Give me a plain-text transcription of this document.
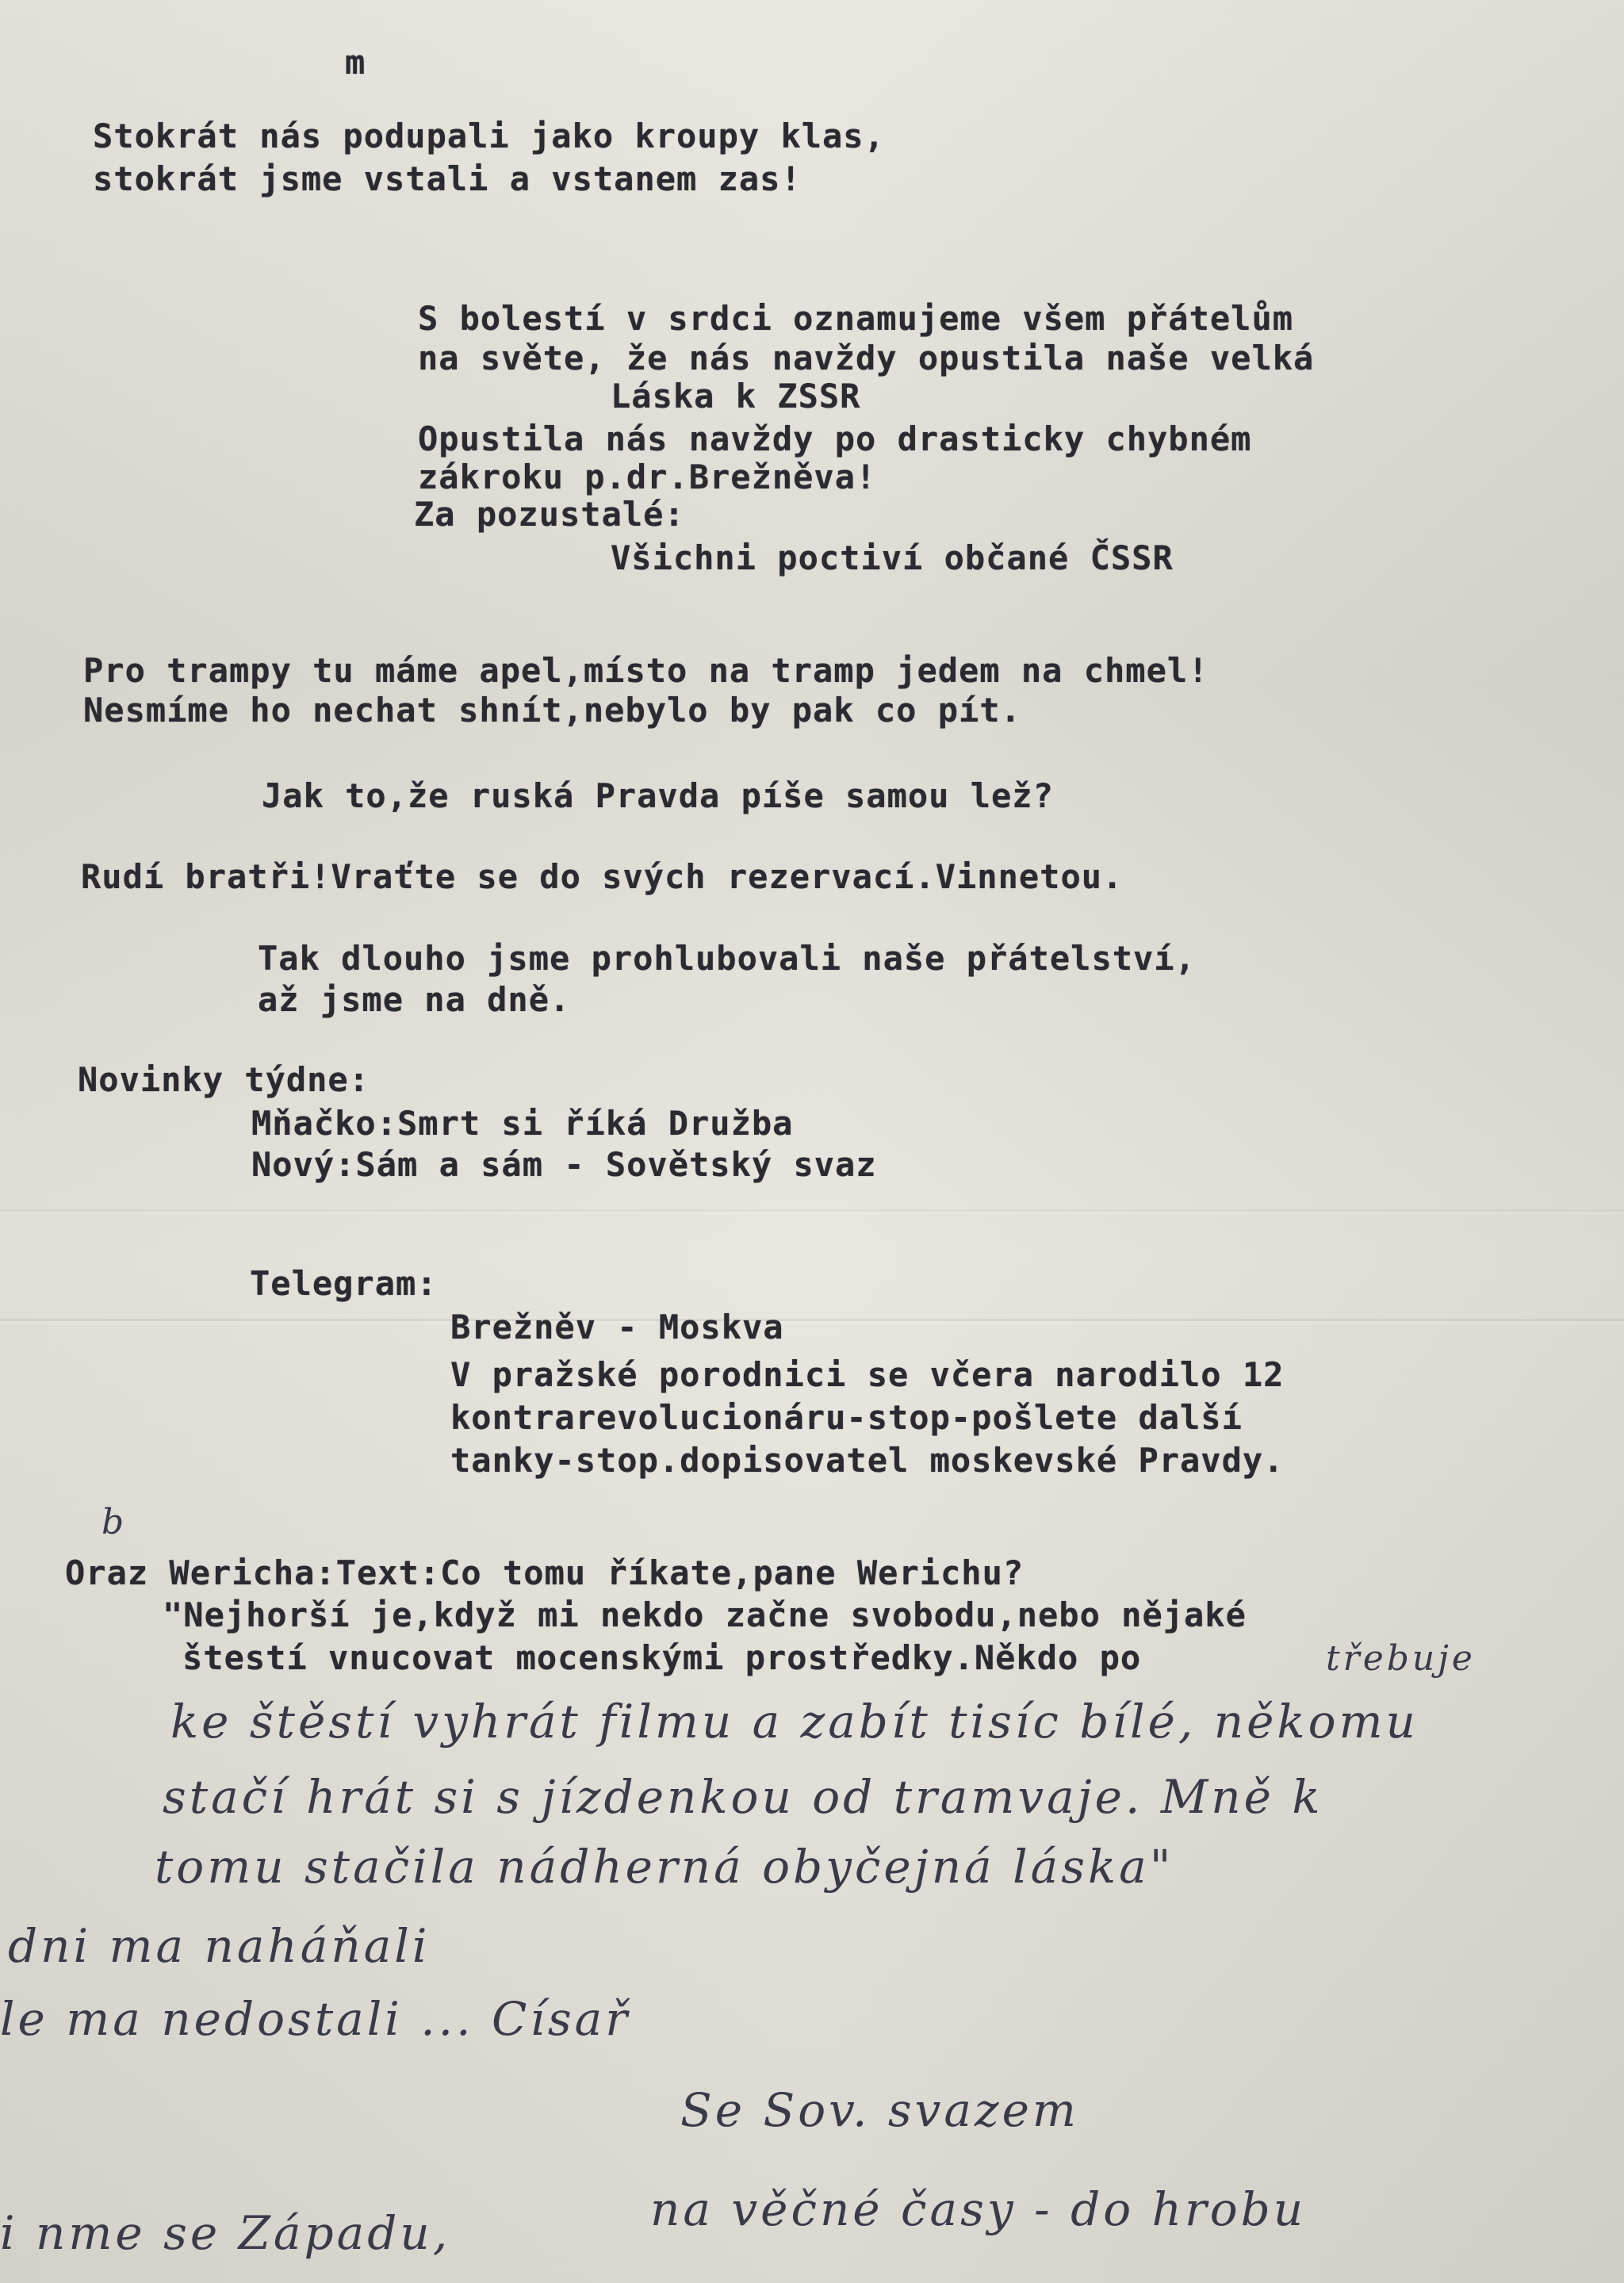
m

Stokrát nás podupali jako kroupy klas,

stokrát jsme vstali a vstanem zas!

S bolestí v srdci oznamujeme všem přátelům

na světe, že nás navždy opustila naše velká

Láska k ZSSR

Opustila nás navždy po drasticky chybném

zákroku p.dr.Brežněva!

Za pozustalé:

Všichni poctiví občané ČSSR

Pro trampy tu máme apel,místo na tramp jedem na chmel!

Nesmíme ho nechat shnít,nebylo by pak co pít.

Jak to,že ruská Pravda píše samou lež?

Rudí bratři!Vraťte se do svých rezervací.Vinnetou.

Tak dlouho jsme prohlubovali naše přátelství,

až jsme na dně.

Novinky týdne:

Mňačko:Smrt si říká Družba

Nový:Sám a sám - Sovětský svaz

Telegram:

Brežněv - Moskva

V pražské porodnici se včera narodilo 12

kontrarevolucionáru-stop-pošlete další

tanky-stop.dopisovatel moskevské Pravdy.

b

Oraz Wericha:Text:Co tomu říkate,pane Werichu?

"Nejhorší je,když mi nekdo začne svobodu,nebo nějaké

štestí vnucovat mocenskými prostředky.Někdo po	třebuje

ke štěstí vyhrát filmu a zabít tisíc bílé, někomu

stačí hrát si s jízdenkou od tramvaje. Mně k

tomu stačila nádherná obyčejná láska"

dni ma naháňali

le ma nedostali ... Císař

Se Sov. svazem

na věčné časy - do hrobu

i nme se Západu,
